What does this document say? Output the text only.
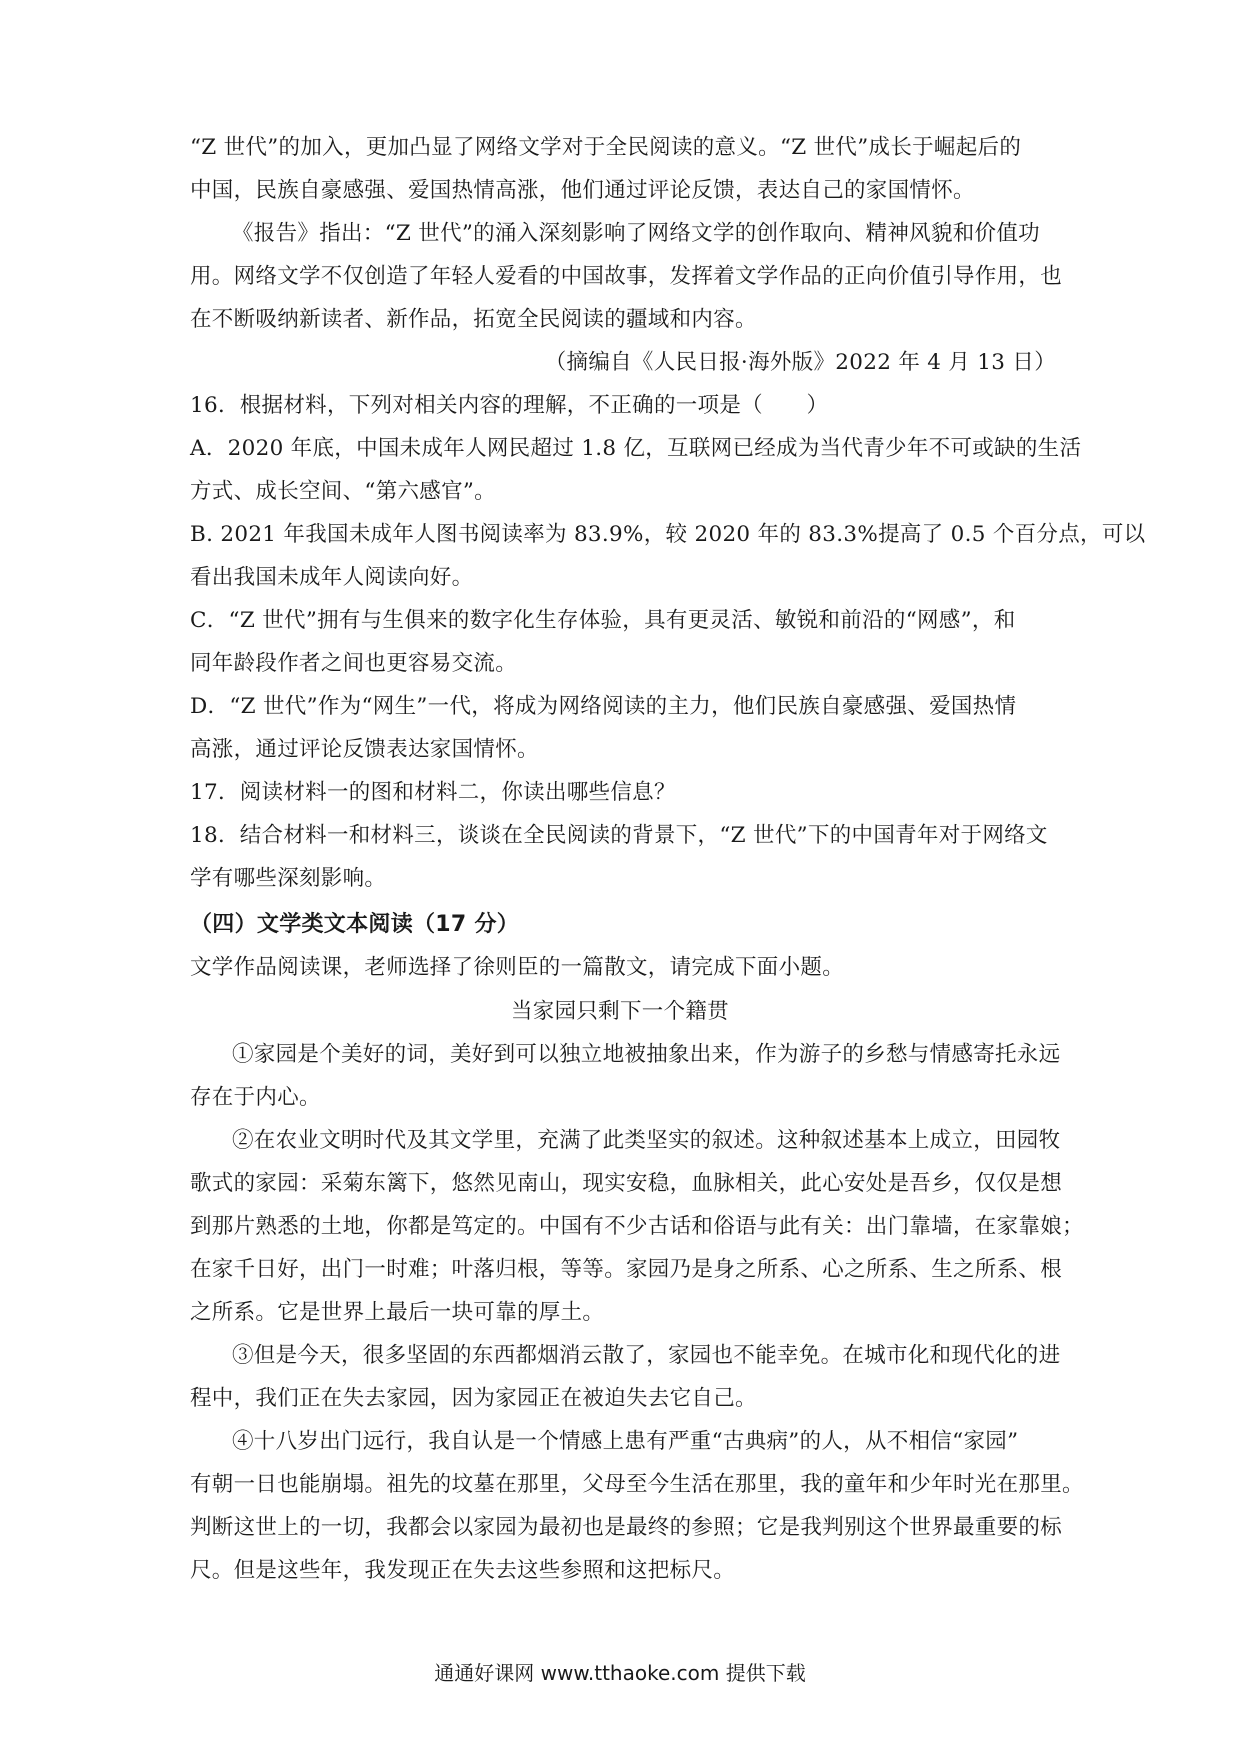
“Z 世代”的加入，更加凸显了网络文学对于全民阅读的意义。“Z 世代”成长于崛起后的
中国，民族自豪感强、爱国热情高涨，他们通过评论反馈，表达自己的家国情怀。
《报告》指出：“Z 世代”的涌入深刻影响了网络文学的创作取向、精神风貌和价值功
用。网络文学不仅创造了年轻人爱看的中国故事，发挥着文学作品的正向价值引导作用，也
在不断吸纳新读者、新作品，拓宽全民阅读的疆域和内容。
（摘编自《人民日报·海外版》2022 年 4 月 13 日）
16．根据材料，下列对相关内容的理解，不正确的一项是（　　）
A．2020 年底，中国未成年人网民超过 1.8 亿，互联网已经成为当代青少年不可或缺的生活
方式、成长空间、“第六感官”。
B. 2021 年我国未成年人图书阅读率为 83.9%，较 2020 年的 83.3%提高了 0.5 个百分点，可以
看出我国未成年人阅读向好。
C．“Z 世代”拥有与生俱来的数字化生存体验，具有更灵活、敏锐和前沿的“网感”，和
同年龄段作者之间也更容易交流。
D．“Z 世代”作为“网生”一代，将成为网络阅读的主力，他们民族自豪感强、爱国热情
高涨，通过评论反馈表达家国情怀。
17．阅读材料一的图和材料二，你读出哪些信息？
18．结合材料一和材料三，谈谈在全民阅读的背景下，“Z 世代”下的中国青年对于网络文
学有哪些深刻影响。
（四）文学类文本阅读（17 分）
文学作品阅读课，老师选择了徐则臣的一篇散文，请完成下面小题。
当家园只剩下一个籍贯
①家园是个美好的词，美好到可以独立地被抽象出来，作为游子的乡愁与情感寄托永远
存在于内心。
②在农业文明时代及其文学里，充满了此类坚实的叙述。这种叙述基本上成立，田园牧
歌式的家园：采菊东篱下，悠然见南山，现实安稳，血脉相关，此心安处是吾乡，仅仅是想
到那片熟悉的土地，你都是笃定的。中国有不少古话和俗语与此有关：出门靠墙，在家靠娘；
在家千日好，出门一时难；叶落归根，等等。家园乃是身之所系、心之所系、生之所系、根
之所系。它是世界上最后一块可靠的厚土。
③但是今天，很多坚固的东西都烟消云散了，家园也不能幸免。在城市化和现代化的进
程中，我们正在失去家园，因为家园正在被迫失去它自己。
④十八岁出门远行，我自认是一个情感上患有严重“古典病”的人，从不相信“家园”
有朝一日也能崩塌。祖先的坟墓在那里，父母至今生活在那里，我的童年和少年时光在那里。
判断这世上的一切，我都会以家园为最初也是最终的参照；它是我判别这个世界最重要的标
尺。但是这些年，我发现正在失去这些参照和这把标尺。
通通好课网 www.tthaoke.com 提供下载
